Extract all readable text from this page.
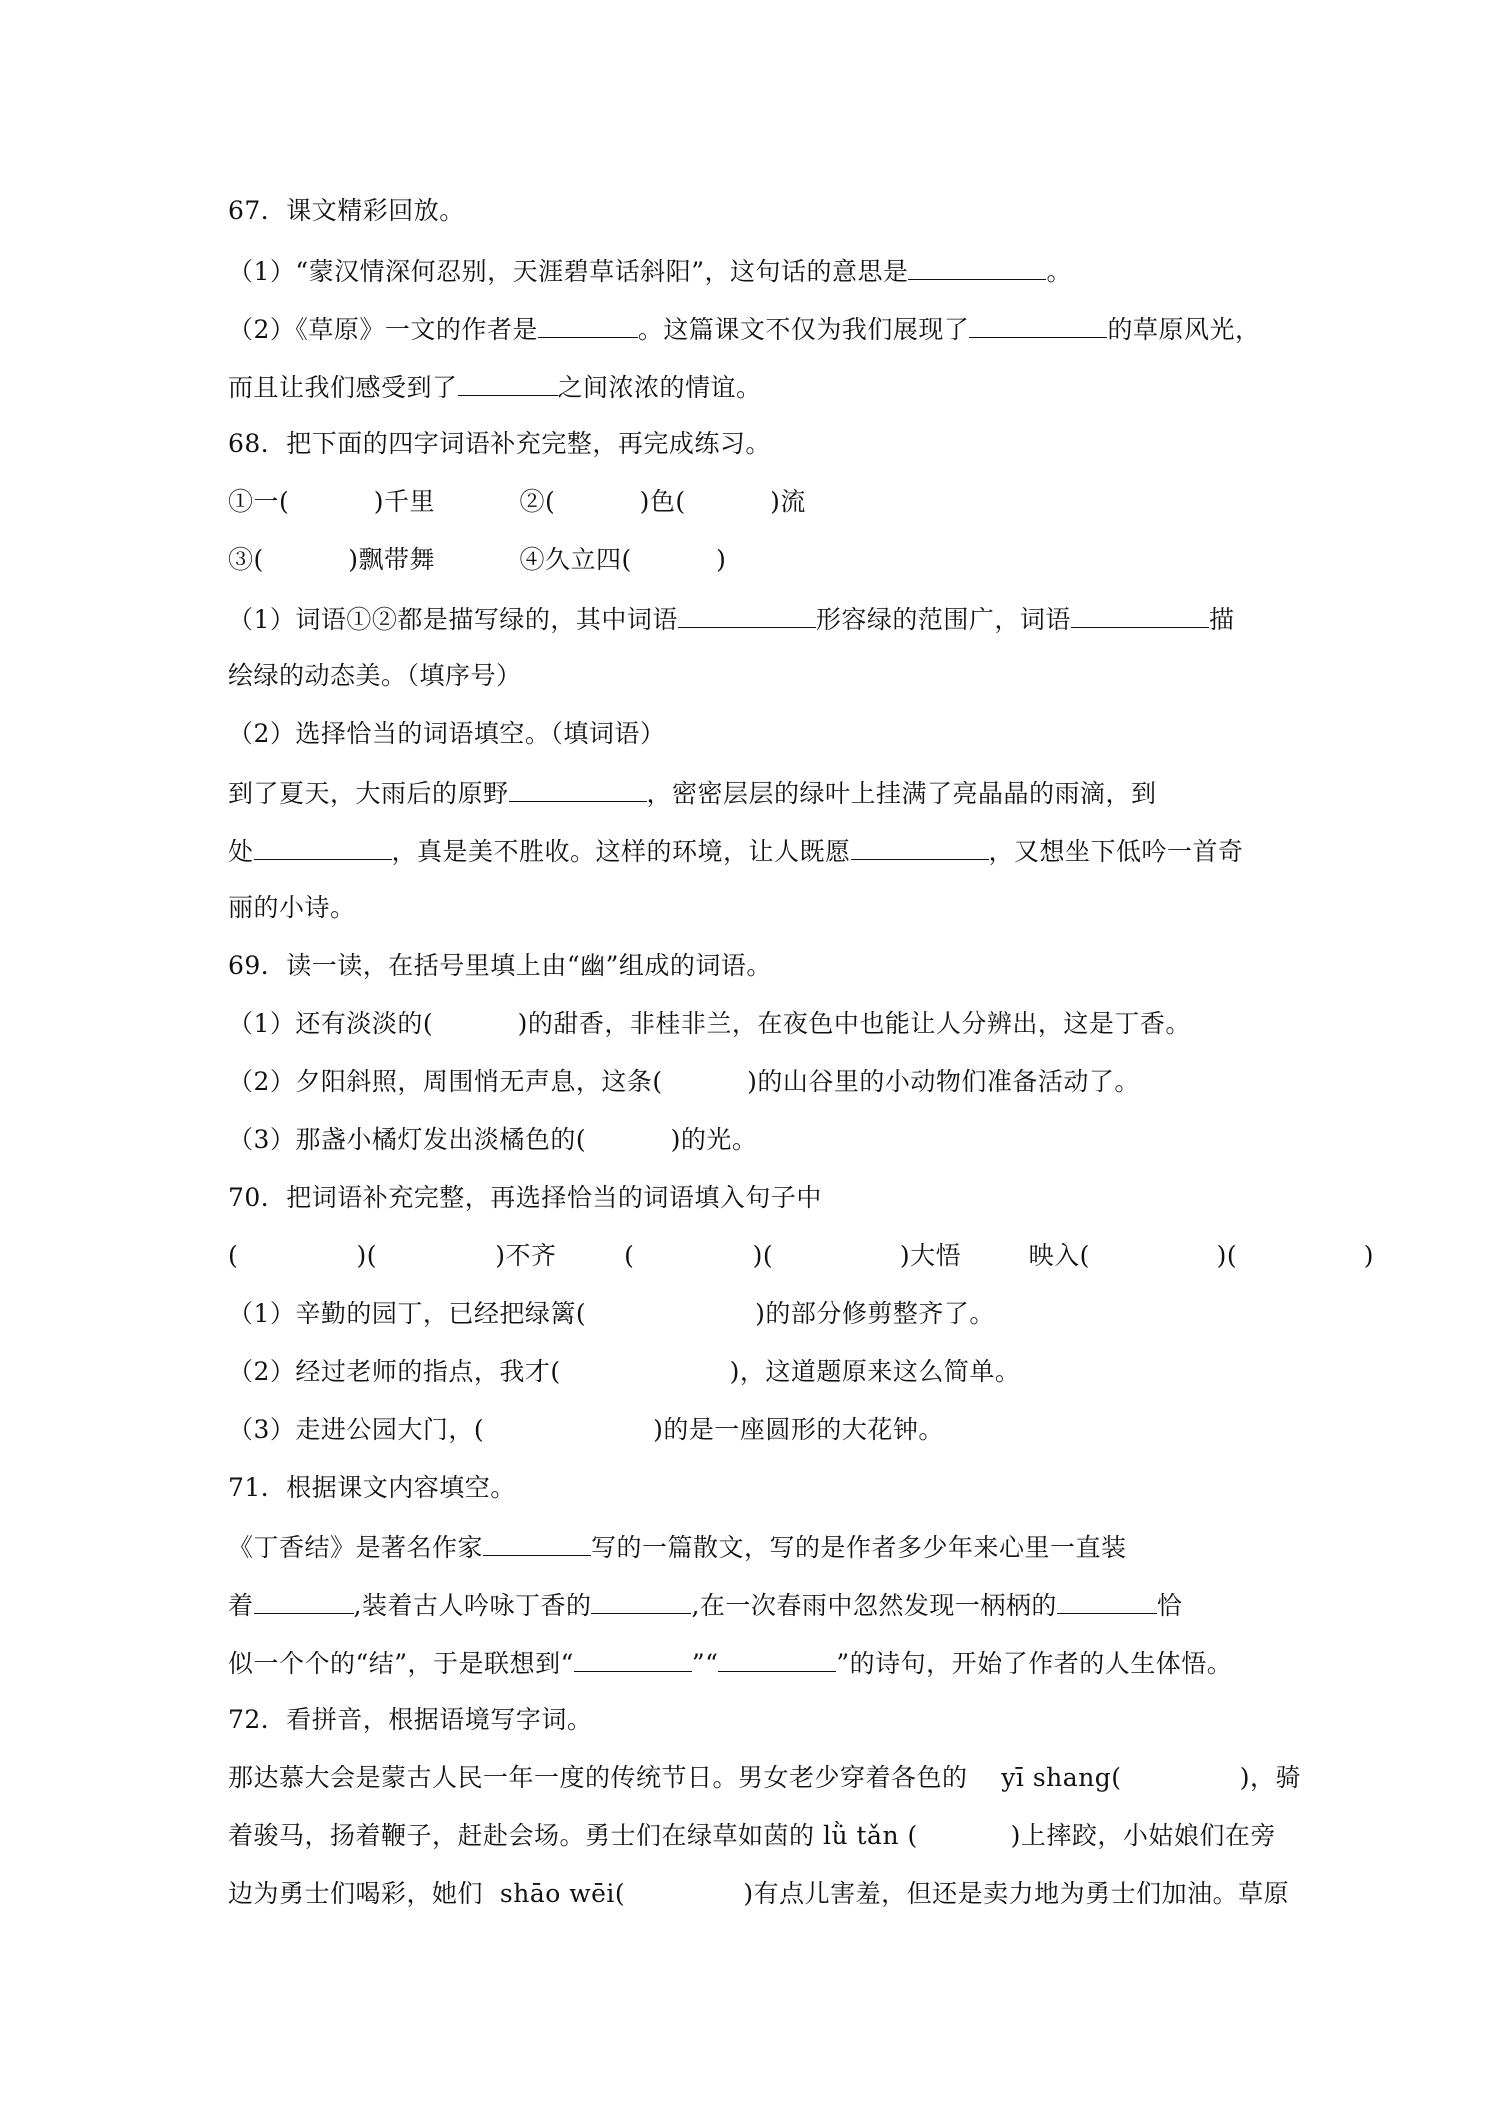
67．课文精彩回放。
（1）“蒙汉情深何忍别，天涯碧草话斜阳”，这句话的意思是	。
（2）《草原》一文的作者是	。这篇课文不仅为我们展现了	的草原风光，
而且让我们感受到了	之间浓浓的情谊。
68．把下面的四字词语补充完整，再完成练习。
①一(          )千里          ②(          )色(          )流
③(          )飘带舞          ④久立四(          )
（1）词语①②都是描写绿的，其中词语	形容绿的范围广，词语	描
绘绿的动态美。（填序号）
（2）选择恰当的词语填空。（填词语）
到了夏天，大雨后的原野	，密密层层的绿叶上挂满了亮晶晶的雨滴，到
处	，真是美不胜收。这样的环境，让人既愿	，又想坐下低吟一首奇
丽的小诗。
69．读一读，在括号里填上由“幽”组成的词语。
（1）还有淡淡的(          )的甜香，非桂非兰，在夜色中也能让人分辨出，这是丁香。
（2）夕阳斜照，周围悄无声息，这条(          )的山谷里的小动物们准备活动了。
（3）那盏小橘灯发出淡橘色的(          )的光。
70．把词语补充完整，再选择恰当的词语填入句子中
(              )(              )不齐        (              )(               )大悟        映入(               )(               )
（1）辛勤的园丁，已经把绿篱(                    )的部分修剪整齐了。
（2）经过老师的指点，我才(                    )，这道题原来这么简单。
（3）走进公园大门，(                    )的是一座圆形的大花钟。
71．根据课文内容填空。
《丁香结》是著名作家	写的一篇散文，写的是作者多少年来心里一直装
着	,装着古人吟咏丁香的	,在一次春雨中忽然发现一柄柄的	恰
似一个个的“结”，于是联想到“	”“	”的诗句，开始了作者的人生体悟。
72．看拼音，根据语境写字词。
那达慕大会是蒙古人民一年一度的传统节日。男女老少穿着各色的    yī shang(              )，骑
着骏马，扬着鞭子，赶赴会场。勇士们在绿草如茵的 lǜ tǎn (           )上摔跤，小姑娘们在旁
边为勇士们喝彩，她们  shāo wēi(              )有点儿害羞，但还是卖力地为勇士们加油。草原
